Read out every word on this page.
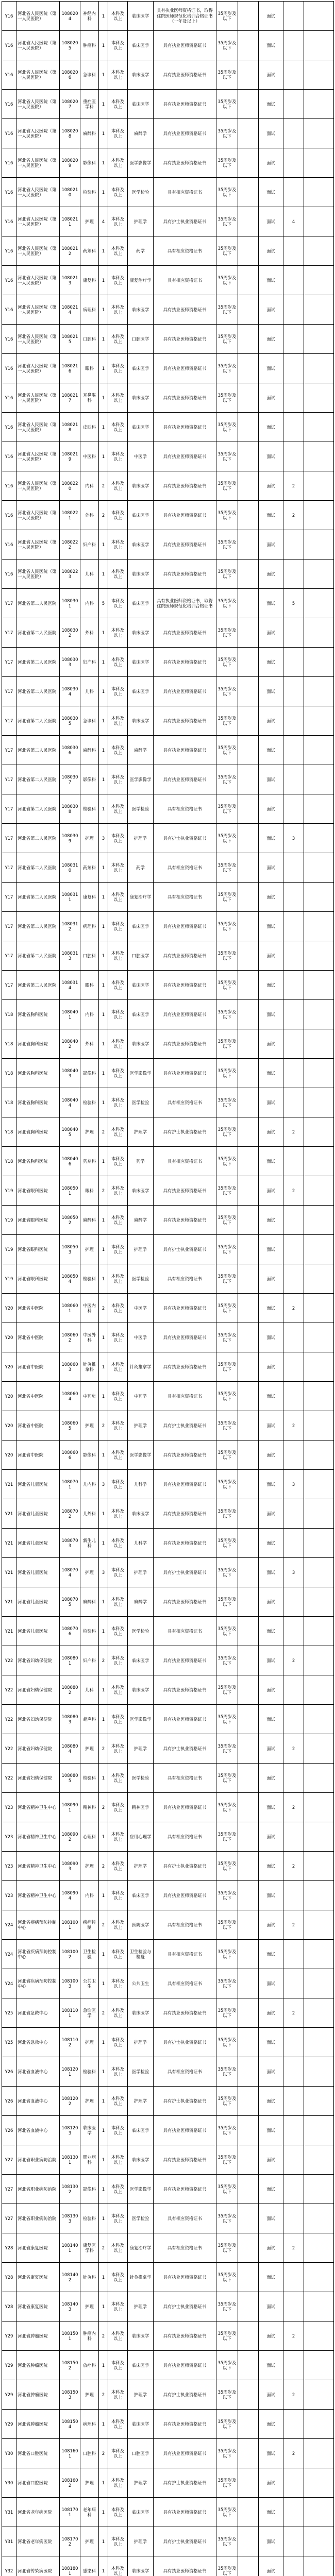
Y16	河北省人民医院（第一人民医院）	1080204	神经内科	1	本科及以上	临床医学	具有执业医师资格证书，取得住院医师规范化培训合格证书（一年及以上）	35周岁及以下		面试		
Y16	河北省人民医院（第一人民医院）	1080205	肿瘤科	1	本科及以上	临床医学	具有执业医师资格证书	35周岁及以下		面试		
Y16	河北省人民医院（第一人民医院）	1080206	急诊科	1	本科及以上	临床医学	具有执业医师资格证书	35周岁及以下		面试		
Y16	河北省人民医院（第一人民医院）	1080207	重症医学科	1	本科及以上	临床医学	具有执业医师资格证书	35周岁及以下		面试		
Y16	河北省人民医院（第一人民医院）	1080208	麻醉科	1	本科及以上	麻醉学	具有执业医师资格证书	35周岁及以下		面试		
Y16	河北省人民医院（第一人民医院）	1080209	影像科	1	本科及以上	医学影像学	具有执业医师资格证书	35周岁及以下		面试		
Y16	河北省人民医院（第一人民医院）	1080210	检验科	1	本科及以上	医学检验	具有相应资格证书	35周岁及以下		面试		
Y16	河北省人民医院（第一人民医院）	1080211	护理	4	本科及以上	护理学	具有护士执业资格证书	35周岁及以下		面试	4	
Y16	河北省人民医院（第一人民医院）	1080212	药剂科	1	本科及以上	药学	具有相应资格证书	35周岁及以下		面试		
Y16	河北省人民医院（第一人民医院）	1080213	康复科	1	本科及以上	康复治疗学	具有相应资格证书	35周岁及以下		面试		
Y16	河北省人民医院（第一人民医院）	1080214	病理科	1	本科及以上	临床医学	具有执业医师资格证书	35周岁及以下		面试		
Y16	河北省人民医院（第一人民医院）	1080215	口腔科	1	本科及以上	口腔医学	具有执业医师资格证书	35周岁及以下		面试		
Y16	河北省人民医院（第一人民医院）	1080216	眼科	1	本科及以上	临床医学	具有执业医师资格证书	35周岁及以下		面试		
Y16	河北省人民医院（第一人民医院）	1080217	耳鼻喉科	1	本科及以上	临床医学	具有执业医师资格证书	35周岁及以下		面试		
Y16	河北省人民医院（第一人民医院）	1080218	皮肤科	1	本科及以上	临床医学	具有执业医师资格证书	35周岁及以下		面试		
Y16	河北省人民医院（第一人民医院）	1080219	中医科	1	本科及以上	中医学	具有执业医师资格证书	35周岁及以下		面试		
Y16	河北省人民医院（第一人民医院）	1080220	内科	2	本科及以上	临床医学	具有执业医师资格证书	35周岁及以下		面试	2	
Y16	河北省人民医院（第一人民医院）	1080221	外科	2	本科及以上	临床医学	具有执业医师资格证书	35周岁及以下		面试	2	
Y16	河北省人民医院（第一人民医院）	1080222	妇产科	1	本科及以上	临床医学	具有执业医师资格证书	35周岁及以下		面试		
Y16	河北省人民医院（第一人民医院）	1080223	儿科	1	本科及以上	临床医学	具有执业医师资格证书	35周岁及以下		面试		
Y17	河北省第二人民医院	1080301	内科	5	本科及以上	临床医学	具有执业医师资格证书，取得住院医师规范化培训合格证书	35周岁及以下		面试	5	
Y17	河北省第二人民医院	1080302	外科	1	本科及以上	临床医学	具有执业医师资格证书	35周岁及以下		面试		
Y17	河北省第二人民医院	1080303	妇产科	1	本科及以上	临床医学	具有执业医师资格证书	35周岁及以下		面试		
Y17	河北省第二人民医院	1080304	儿科	1	本科及以上	临床医学	具有执业医师资格证书	35周岁及以下		面试		
Y17	河北省第二人民医院	1080305	急诊科	1	本科及以上	临床医学	具有执业医师资格证书	35周岁及以下		面试		
Y17	河北省第二人民医院	1080306	麻醉科	1	本科及以上	麻醉学	具有执业医师资格证书	35周岁及以下		面试		
Y17	河北省第二人民医院	1080307	影像科	1	本科及以上	医学影像学	具有执业医师资格证书	35周岁及以下		面试		
Y17	河北省第二人民医院	1080308	检验科	1	本科及以上	医学检验	具有相应资格证书	35周岁及以下		面试		
Y17	河北省第二人民医院	1080309	护理	3	本科及以上	护理学	具有护士执业资格证书	35周岁及以下		面试	3	
Y17	河北省第二人民医院	1080310	药剂科	1	本科及以上	药学	具有相应资格证书	35周岁及以下		面试		
Y17	河北省第二人民医院	1080311	康复科	1	本科及以上	康复治疗学	具有相应资格证书	35周岁及以下		面试		
Y17	河北省第二人民医院	1080312	病理科	1	本科及以上	临床医学	具有执业医师资格证书	35周岁及以下		面试		
Y17	河北省第二人民医院	1080313	口腔科	1	本科及以上	口腔医学	具有执业医师资格证书	35周岁及以下		面试		
Y17	河北省第二人民医院	1080314	眼科	1	本科及以上	临床医学	具有执业医师资格证书	35周岁及以下		面试		
Y18	河北省胸科医院	1080401	内科	1	本科及以上	临床医学	具有执业医师资格证书	35周岁及以下		面试		
Y18	河北省胸科医院	1080402	外科	1	本科及以上	临床医学	具有执业医师资格证书	35周岁及以下		面试		
Y18	河北省胸科医院	1080403	影像科	1	本科及以上	医学影像学	具有执业医师资格证书	35周岁及以下		面试		
Y18	河北省胸科医院	1080404	检验科	1	本科及以上	医学检验	具有相应资格证书	35周岁及以下		面试		
Y18	河北省胸科医院	1080405	护理	2	本科及以上	护理学	具有护士执业资格证书	35周岁及以下		面试	2	
Y18	河北省胸科医院	1080406	药剂科	1	本科及以上	药学	具有相应资格证书	35周岁及以下		面试		
Y19	河北省眼科医院	1080501	眼科	2	本科及以上	临床医学	具有执业医师资格证书	35周岁及以下		面试	2	
Y19	河北省眼科医院	1080502	麻醉科	1	本科及以上	麻醉学	具有执业医师资格证书	35周岁及以下		面试		
Y19	河北省眼科医院	1080503	护理	1	本科及以上	护理学	具有护士执业资格证书	35周岁及以下		面试		
Y19	河北省眼科医院	1080504	检验科	1	本科及以上	医学检验	具有相应资格证书	35周岁及以下		面试		
Y20	河北省中医院	1080601	中医内科	2	本科及以上	中医学	具有执业医师资格证书	35周岁及以下		面试	2	
Y20	河北省中医院	1080602	中医外科	1	本科及以上	中医学	具有执业医师资格证书	35周岁及以下		面试		
Y20	河北省中医院	1080603	针灸推拿科	1	本科及以上	针灸推拿学	具有执业医师资格证书	35周岁及以下		面试		
Y20	河北省中医院	1080604	中药房	1	本科及以上	中药学	具有相应资格证书	35周岁及以下		面试		
Y20	河北省中医院	1080605	护理	2	本科及以上	护理学	具有护士执业资格证书	35周岁及以下		面试	2	
Y20	河北省中医院	1080606	影像科	1	本科及以上	医学影像学	具有执业医师资格证书	35周岁及以下		面试		
Y21	河北省儿童医院	1080701	儿内科	3	本科及以上	儿科学	具有执业医师资格证书	35周岁及以下		面试	3	
Y21	河北省儿童医院	1080702	儿外科	1	本科及以上	临床医学	具有执业医师资格证书	35周岁及以下		面试		
Y21	河北省儿童医院	1080703	新生儿科	1	本科及以上	儿科学	具有执业医师资格证书	35周岁及以下		面试		
Y21	河北省儿童医院	1080704	护理	3	本科及以上	护理学	具有护士执业资格证书	35周岁及以下		面试	3	
Y21	河北省儿童医院	1080705	麻醉科	1	本科及以上	麻醉学	具有执业医师资格证书	35周岁及以下		面试		
Y21	河北省儿童医院	1080706	检验科	1	本科及以上	医学检验	具有相应资格证书	35周岁及以下		面试		
Y22	河北省妇幼保健院	1080801	妇产科	2	本科及以上	临床医学	具有执业医师资格证书	35周岁及以下		面试	2	
Y22	河北省妇幼保健院	1080802	儿科	1	本科及以上	临床医学	具有执业医师资格证书	35周岁及以下		面试		
Y22	河北省妇幼保健院	1080803	超声科	1	本科及以上	医学影像学	具有执业医师资格证书	35周岁及以下		面试		
Y22	河北省妇幼保健院	1080804	护理	2	本科及以上	护理学	具有护士执业资格证书	35周岁及以下		面试	2	
Y22	河北省妇幼保健院	1080805	检验科	1	本科及以上	医学检验	具有相应资格证书	35周岁及以下		面试		
Y23	河北省精神卫生中心	1080901	精神科	2	本科及以上	精神医学	具有执业医师资格证书	35周岁及以下		面试	2	
Y23	河北省精神卫生中心	1080902	心理科	1	本科及以上	应用心理学	具有相应资格证书	35周岁及以下		面试		
Y23	河北省精神卫生中心	1080903	护理	2	本科及以上	护理学	具有护士执业资格证书	35周岁及以下		面试	2	
Y23	河北省精神卫生中心	1080904	内科	1	本科及以上	临床医学	具有执业医师资格证书	35周岁及以下		面试		
Y24	河北省疾病预防控制中心	1081001	疾病控制	2	本科及以上	预防医学	具有相应资格证书	35周岁及以下		面试	2	
Y24	河北省疾病预防控制中心	1081002	卫生检验	1	本科及以上	卫生检验与检疫	具有相应资格证书	35周岁及以下		面试		
Y24	河北省疾病预防控制中心	1081003	公共卫生	1	本科及以上	公共卫生	具有相应资格证书	35周岁及以下		面试		
Y25	河北省急救中心	1081101	急诊医学	2	本科及以上	临床医学	具有执业医师资格证书	35周岁及以下		面试	2	
Y25	河北省急救中心	1081102	护理	1	本科及以上	护理学	具有护士执业资格证书	35周岁及以下		面试		
Y26	河北省血液中心	1081201	检验科	1	本科及以上	医学检验	具有相应资格证书	35周岁及以下		面试		
Y26	河北省血液中心	1081202	护理	1	本科及以上	护理学	具有护士执业资格证书	35周岁及以下		面试		
Y26	河北省血液中心	1081203	临床医学	1	本科及以上	临床医学	具有执业医师资格证书	35周岁及以下		面试		
Y27	河北省职业病防治院	1081301	职业病科	1	本科及以上	临床医学	具有执业医师资格证书	35周岁及以下		面试		
Y27	河北省职业病防治院	1081302	影像科	1	本科及以上	医学影像学	具有执业医师资格证书	35周岁及以下		面试		
Y27	河北省职业病防治院	1081303	检验科	1	本科及以上	医学检验	具有相应资格证书	35周岁及以下		面试		
Y28	河北省康复医院	1081401	康复医学科	2	本科及以上	康复治疗学	具有相应资格证书	35周岁及以下		面试	2	
Y28	河北省康复医院	1081402	针灸科	1	本科及以上	针灸推拿学	具有执业医师资格证书	35周岁及以下		面试		
Y28	河北省康复医院	1081403	护理	1	本科及以上	护理学	具有护士执业资格证书	35周岁及以下		面试		
Y29	河北省肿瘤医院	1081501	肿瘤内科	2	本科及以上	临床医学	具有执业医师资格证书	35周岁及以下		面试	2	
Y29	河北省肿瘤医院	1081502	放疗科	1	本科及以上	临床医学	具有执业医师资格证书	35周岁及以下		面试		
Y29	河北省肿瘤医院	1081503	护理	2	本科及以上	护理学	具有护士执业资格证书	35周岁及以下		面试	2	
Y29	河北省肿瘤医院	1081504	病理科	1	本科及以上	临床医学	具有执业医师资格证书	35周岁及以下		面试		
Y30	河北省口腔医院	1081601	口腔科	2	本科及以上	口腔医学	具有执业医师资格证书	35周岁及以下		面试	2	
Y30	河北省口腔医院	1081602	护理	1	本科及以上	护理学	具有护士执业资格证书	35周岁及以下		面试		
Y31	河北省老年病医院	1081701	老年病科	1	本科及以上	临床医学	具有执业医师资格证书	35周岁及以下		面试		
Y31	河北省老年病医院	1081702	护理	1	本科及以上	护理学	具有护士执业资格证书	35周岁及以下		面试		
Y32	河北省传染病医院	1081801	感染科	1	本科及以上	临床医学	具有执业医师资格证书	35周岁及以下		面试		
